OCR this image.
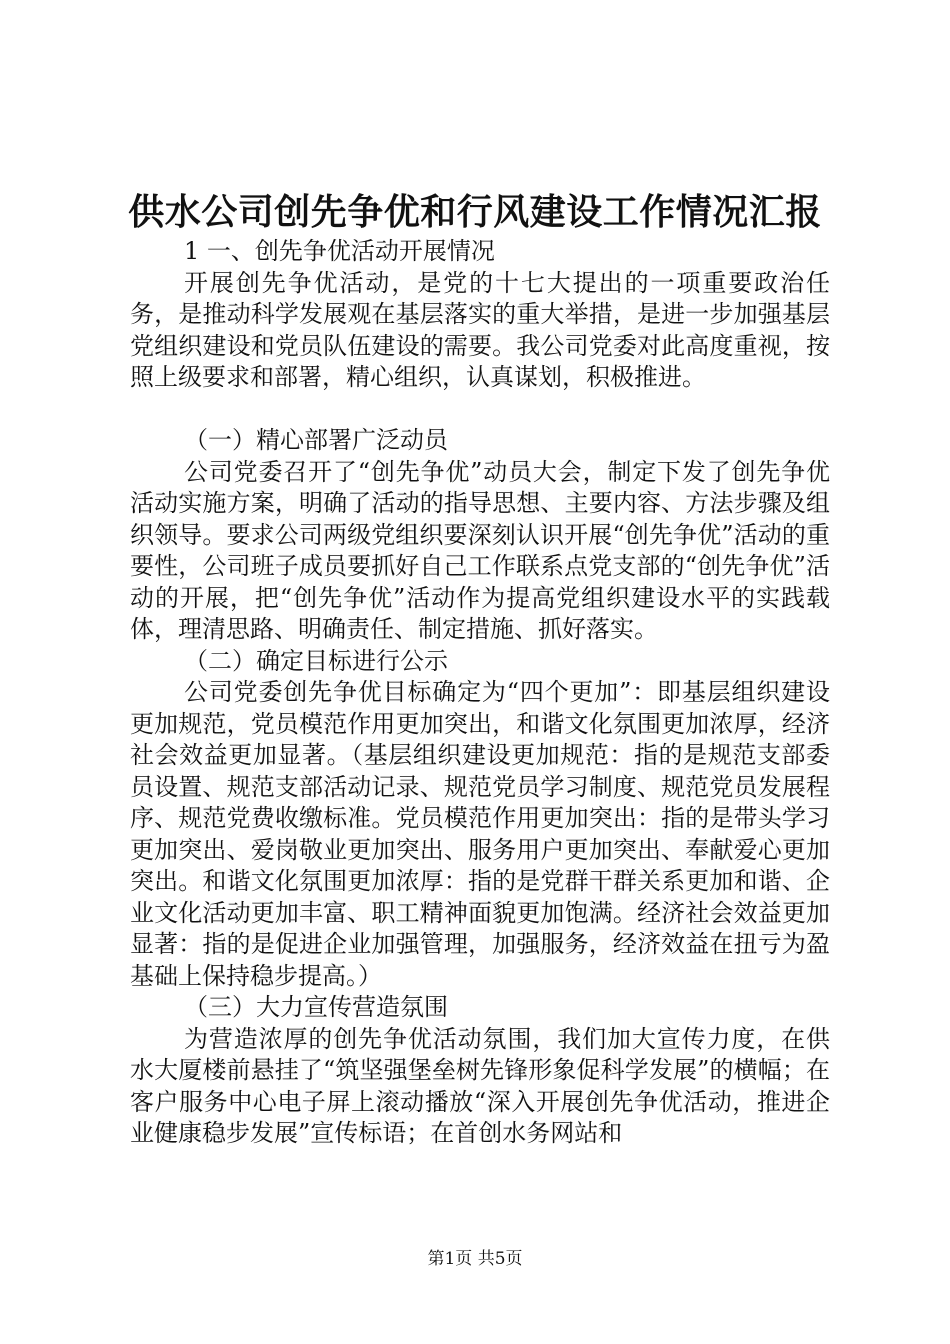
供水公司创先争优和行风建设工作情况汇报

1 一、创先争优活动开展情况

开展创先争优活动，是党的十七大提出的一项重要政治任务，是推动科学发展观在基层落实的重大举措，是进一步加强基层党组织建设和党员队伍建设的需要。我公司党委对此高度重视，按照上级要求和部署，精心组织，认真谋划，积极推进。

（一）精心部署广泛动员

公司党委召开了“创先争优”动员大会，制定下发了创先争优活动实施方案，明确了活动的指导思想、主要内容、方法步骤及组织领导。要求公司两级党组织要深刻认识开展“创先争优”活动的重要性，公司班子成员要抓好自己工作联系点党支部的“创先争优”活动的开展，把“创先争优”活动作为提高党组织建设水平的实践载体，理清思路、明确责任、制定措施、抓好落实。

（二）确定目标进行公示

公司党委创先争优目标确定为“四个更加”：即基层组织建设更加规范，党员模范作用更加突出，和谐文化氛围更加浓厚，经济社会效益更加显著。（基层组织建设更加规范：指的是规范支部委员设置、规范支部活动记录、规范党员学习制度、规范党员发展程序、规范党费收缴标准。党员模范作用更加突出：指的是带头学习更加突出、爱岗敬业更加突出、服务用户更加突出、奉献爱心更加突出。和谐文化氛围更加浓厚：指的是党群干群关系更加和谐、企业文化活动更加丰富、职工精神面貌更加饱满。经济社会效益更加显著：指的是促进企业加强管理，加强服务，经济效益在扭亏为盈基础上保持稳步提高。）

（三）大力宣传营造氛围

为营造浓厚的创先争优活动氛围，我们加大宣传力度，在供水大厦楼前悬挂了“筑坚强堡垒树先锋形象促科学发展”的横幅；在客户服务中心电子屏上滚动播放“深入开展创先争优活动，推进企业健康稳步发展”宣传标语；在首创水务网站和

第1页 共5页
